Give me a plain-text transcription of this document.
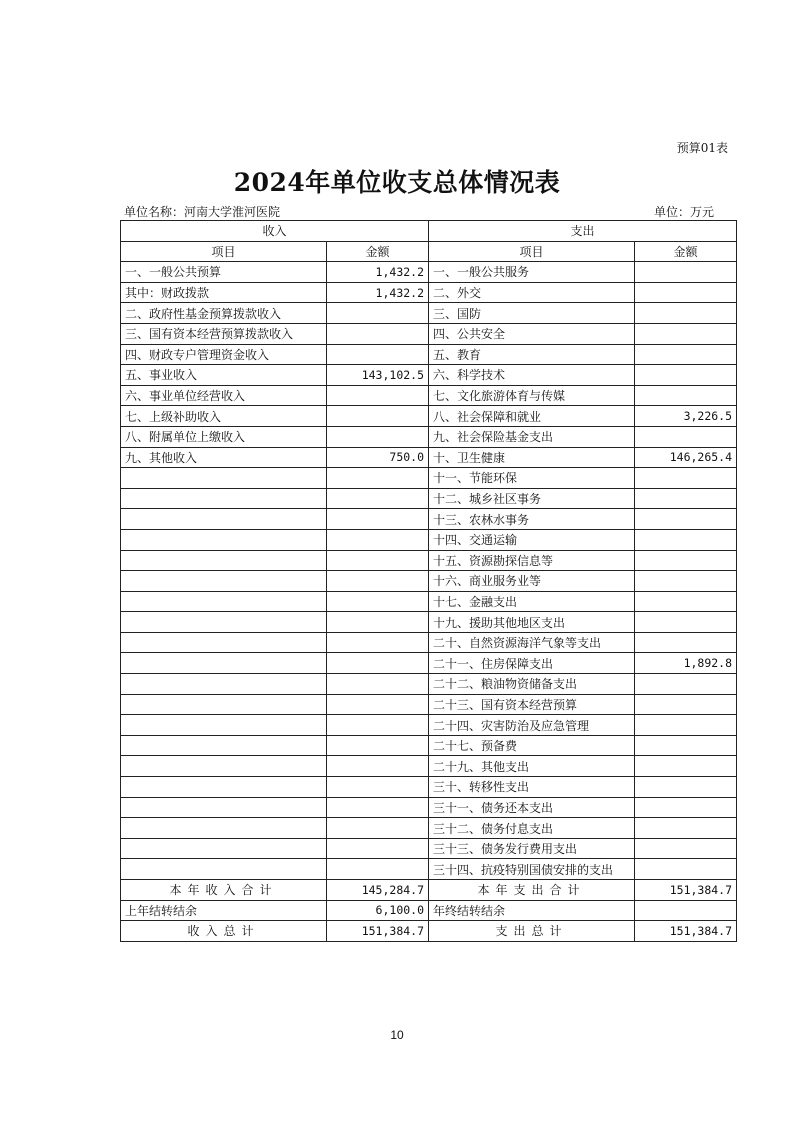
预算01表
2024年单位收支总体情况表
单位名称：河南大学淮河医院	单位：万元
收入		支出	
项目	金额	项目	金额
一、一般公共预算	1,432.2	一、一般公共服务	
其中：财政拨款	1,432.2	二、外交	
二、政府性基金预算拨款收入		三、国防	
三、国有资本经营预算拨款收入		四、公共安全	
四、财政专户管理资金收入		五、教育	
五、事业收入	143,102.5	六、科学技术	
六、事业单位经营收入		七、文化旅游体育与传媒	
七、上级补助收入		八、社会保障和就业	3,226.5
八、附属单位上缴收入		九、社会保险基金支出	
九、其他收入	750.0	十、卫生健康	146,265.4
		十一、节能环保	
		十二、城乡社区事务	
		十三、农林水事务	
		十四、交通运输	
		十五、资源勘探信息等	
		十六、商业服务业等	
		十七、金融支出	
		十九、援助其他地区支出	
		二十、自然资源海洋气象等支出	
		二十一、住房保障支出	1,892.8
		二十二、粮油物资储备支出	
		二十三、国有资本经营预算	
		二十四、灾害防治及应急管理	
		二十七、预备费	
		二十九、其他支出	
		三十、转移性支出	
		三十一、债务还本支出	
		三十二、债务付息支出	
		三十三、债务发行费用支出	
		三十四、抗疫特别国债安排的支出	
本年收入合计	145,284.7	本年支出合计	151,384.7
上年结转结余	6,100.0	年终结转结余	
收入总计	151,384.7	支出总计	151,384.7
10
